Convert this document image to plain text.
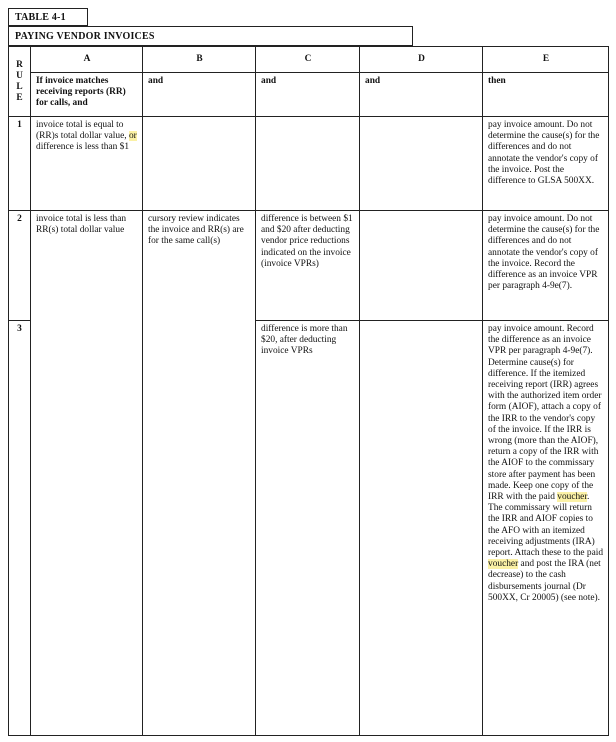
TABLE 4-1
PAYING VENDOR INVOICES
R
U
L
E	A	B	C	D	E
	If invoice matches receiving reports (RR) for calls, and	and	and	and	then
1	invoice total is equal to (RR)s total dollar value, or difference is less than $1				pay invoice amount. Do not determine the cause(s) for the differences and do not annotate the vendor's copy of the invoice. Post the difference to GLSA 500XX.
2	invoice total is less than RR(s) total dollar value	cursory review indicates the invoice and RR(s) are for the same call(s)	difference is between $1 and $20 after deducting vendor price reductions indicated on the invoice (invoice VPRs)		pay invoice amount. Do not determine the cause(s) for the differences and do not annotate the vendor's copy of the invoice. Record the difference as an invoice VPR per paragraph 4-9e(7).
3			difference is more than $20, after deducting invoice VPRs		pay invoice amount. Record the difference as an invoice VPR per paragraph 4-9e(7). Determine cause(s) for difference. If the itemized receiving report (IRR) agrees with the authorized item order form (AIOF), attach a copy of the IRR to the vendor's copy of the invoice. If the IRR is wrong (more than the AIOF), return a copy of the IRR with the AIOF to the commissary store after payment has been made. Keep one copy of the IRR with the paid voucher. The commissary will return the IRR and AIOF copies to the AFO with an itemized receiving adjustments (IRA) report. Attach these to the paid voucher and post the IRA (net decrease) to the cash disbursements journal (Dr 500XX, Cr 20005) (see note).
